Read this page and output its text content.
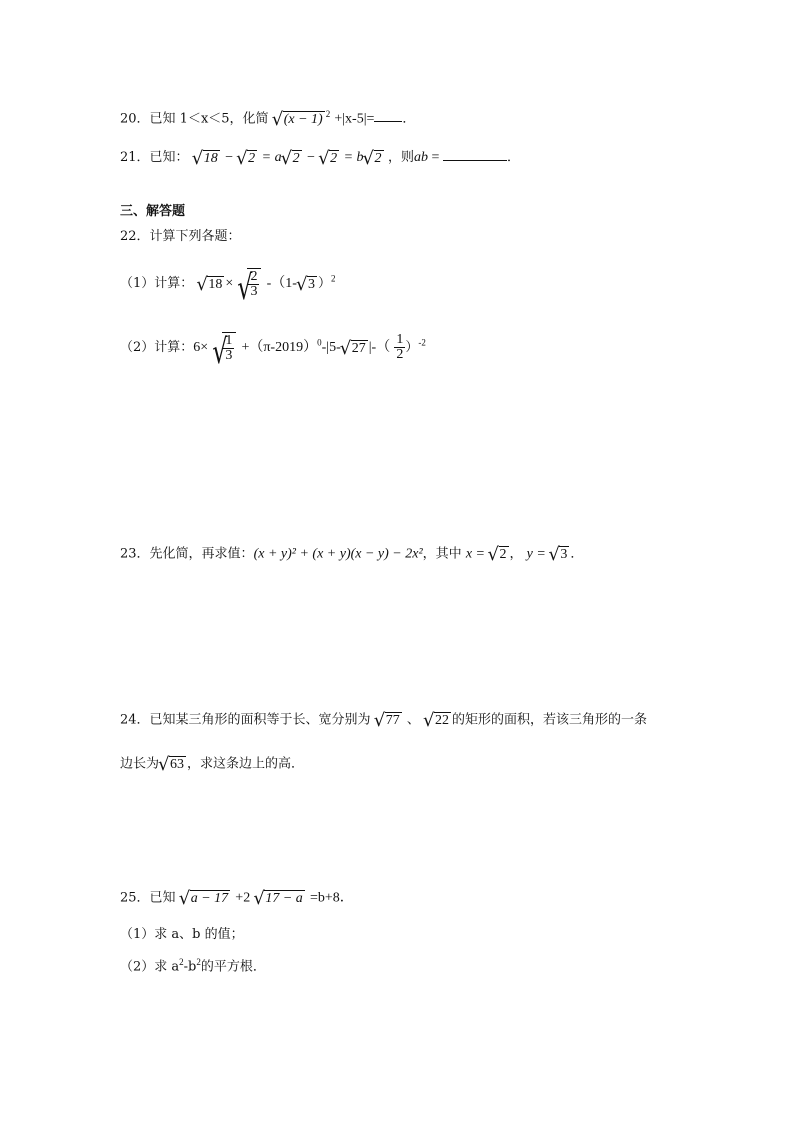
20．已知 1＜x＜5，化简 √ (x − 1) $^2$ +|x-5|= ．
21．已知： √ 18 − √ 2 = a√ 2 − √ 2 = b√ 2 ，则ab =	．
三、解答题
22．计算下列各题：
（1）计算： √ 18 ×
√ $\frac{2}{3} -(1-√$ 3 ）$^2$
（2）计算：6×
√ $\frac{1}{3} +(\pi-2019)^0-|5-√$ 27 |-（ $\frac{1}{2} )^{-2}$
23．先化简，再求值：(x + y)² + (x + y)(x − y) − 2x²，其中 x = √ 2 ， y = √ 3 ．
24．已知某三角形的面积等于长、宽分别为 √ 77 、 √ 22 的矩形的面积，若该三角形的一条
边长为√ 63 ，求这条边上的高．
25．已知 √ a − 17 +2 √ 17 − a =b+8．
（1）求 a、b 的值；
（2）求 $a^2-b^2$的平方根．
